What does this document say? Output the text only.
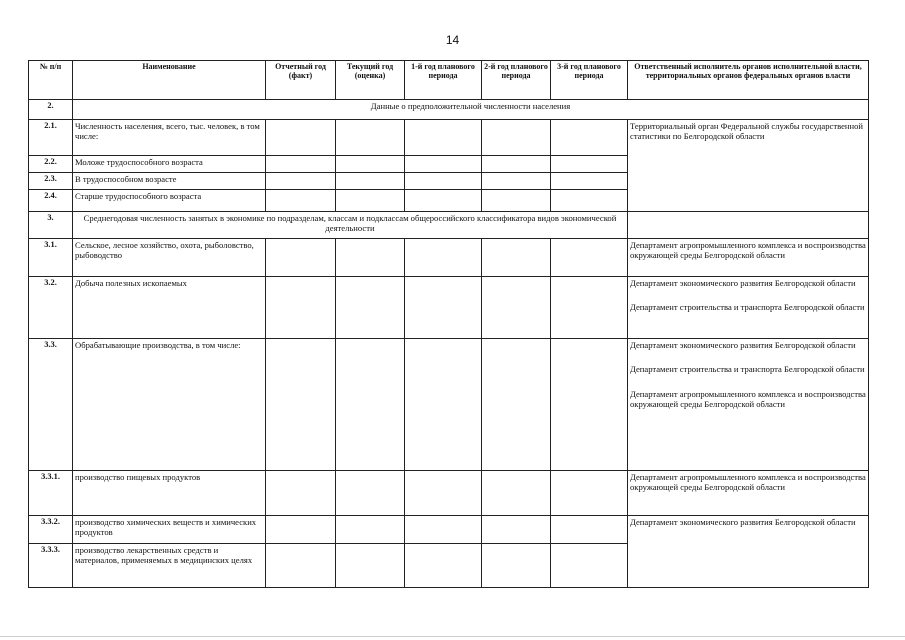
14
№ п/п	Наименование	Отчетный год (факт)	Текущий год (оценка)	1-й год планового периода	2-й год планового периода	3-й год планового периода	Ответственный исполнитель органов исполнительной власти, территориальных органов федеральных органов власти
2.	Данные о предположительной численности населения						
2.1.	Численность населения, всего, тыс. человек, в том числе:						Территориальный орган Федеральной службы государственной статистики по Белгородской области
2.2.	Моложе трудоспособного возраста						
2.3.	В трудоспособном возрасте						
2.4.	Старше трудоспособного возраста						
3.	Среднегодовая численность занятых в экономике по подразделам, классам и подклассам общероссийского классификатора видов экономической деятельности						
3.1.	Сельское, лесное хозяйство, охота, рыболовство, рыбоводство						Департамент агропромышленного комплекса и воспроизводства окружающей среды Белгородской области

3.2.	Добыча полезных ископаемых						Департамент экономического развития Белгородской области
Департамент строительства и транспорта Белгородской области

3.3.	Обрабатывающие производства, в том числе:						Департамент экономического развития Белгородской области
Департамент строительства и транспорта Белгородской области
Департамент агропромышленного комплекса и воспроизводства окружающей среды Белгородской области

3.3.1.	производство пищевых продуктов						Департамент агропромышленного комплекса и воспроизводства окружающей среды Белгородской области

3.3.2.	производство химических веществ и химических продуктов						Департамент экономического развития Белгородской области

3.3.3.	производство лекарственных средств и материалов, применяемых в медицинских целях						
